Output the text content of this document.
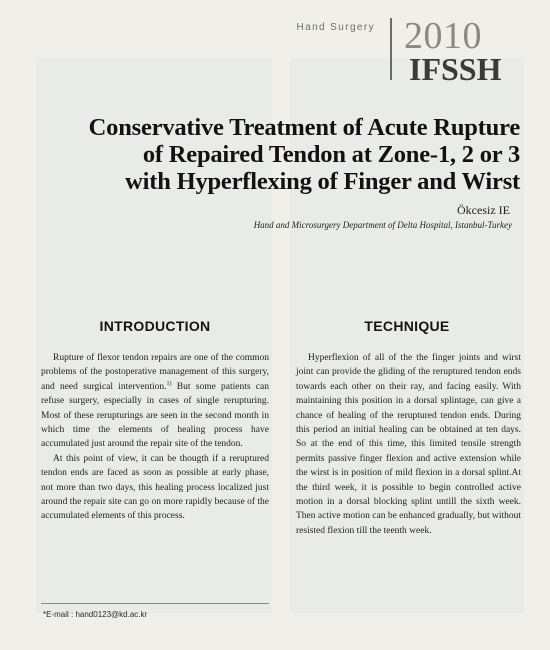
Hand Surgery 2010
IFSSH
Conservative Treatment of Acute Rupture
of Repaired Tendon at Zone-1, 2 or 3
with Hyperflexing of Finger and Wirst
Ökcesiz IE
Hand and Microsurgery Department of Delta Hospital, Istanbul-Turkey
INTRODUCTION	TECHNIQUE

Rupture of flexor tendon repairs are one of the common problems of the postoperative management of this surgery, and need surgical intervention.$^{1)}$ But some patients can refuse surgery, especially in cases of single rerupturing. Most of these rerupturings are seen in the second month in which time the elements of healing process have accumulated just around the repair site of the tendon.

At this point of view, it can be thougth if a reruptured tendon ends are faced as soon as possible at early phase, not more than two days, this healing process localized just around the repair site can go on more rapidly because of the accumulated elements of this process.

Hyperflexion of all of the the finger joints and wirst joint can provide the gliding of the reruptured tendon ends towards each other on their ray, and facing easily. With maintaining this position in a dorsal splintage, can give a chance of healing of the reruptured tendon ends. During this period an initial healing can be obtained at ten days. So at the end of this time, this limited tensile strength permits passive finger flexion and active extension while the wirst is in position of mild flexion in a dorsal splint.At the third week, it is possible to begin controlled active motion in a dorsal blocking splint untill the sixth week. Then active motion can be enhanced gradually, but without resisted flexion till the teenth week.

*E-mail : hand0123@kd.ac.kr
